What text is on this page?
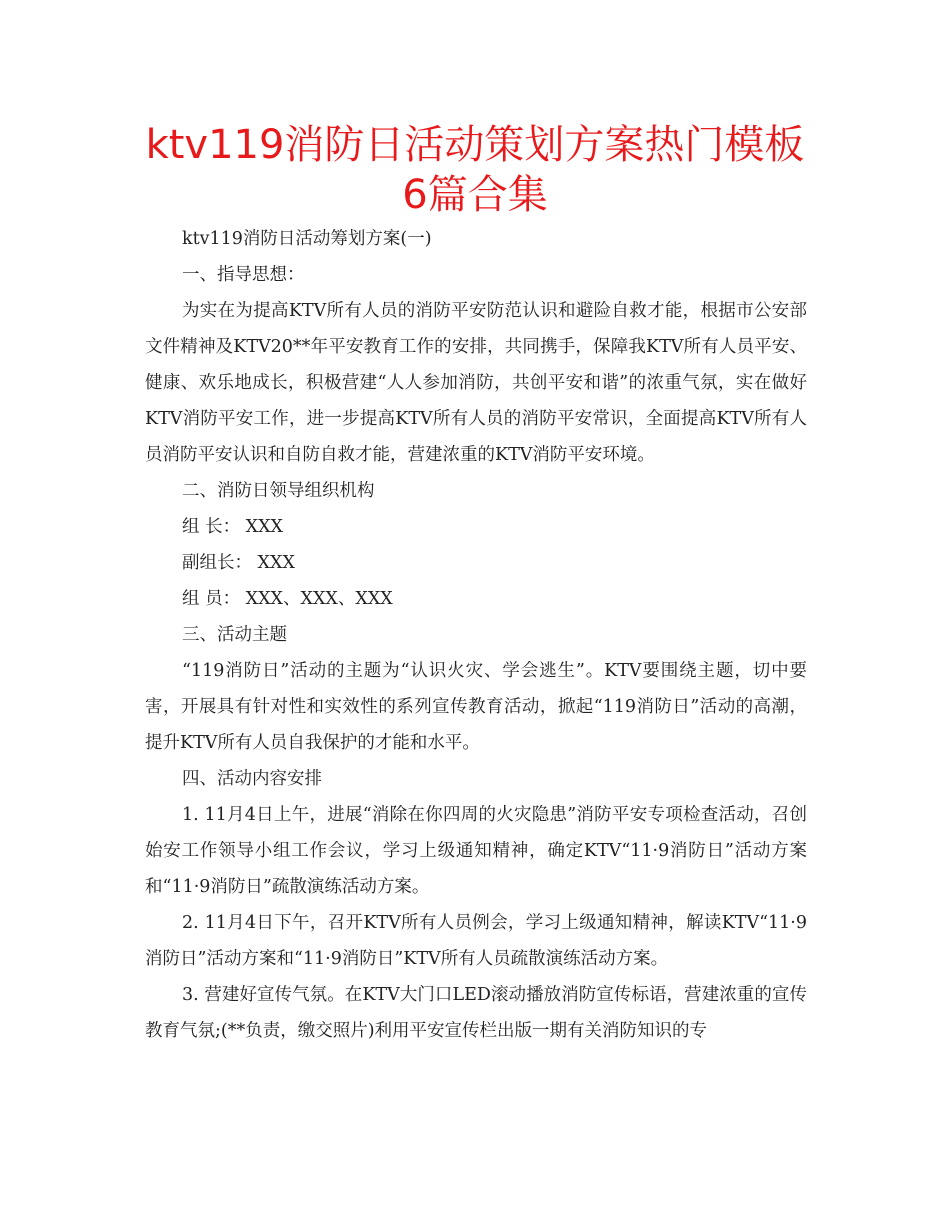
ktv119消防日活动策划方案热门模板6篇合集

ktv119消防日活动筹划方案(一)

一、指导思想：

为实在为提高KTV所有人员的消防平安防范认识和避险自救才能，根据市公安部文件精神及KTV20**年平安教育工作的安排，共同携手，保障我KTV所有人员平安、健康、欢乐地成长，积极营建“人人参加消防，共创平安和谐”的浓重气氛，实在做好KTV消防平安工作，进一步提高KTV所有人员的消防平安常识，全面提高KTV所有人员消防平安认识和自防自救才能，营建浓重的KTV消防平安环境。

二、消防日领导组织机构

组 长： XXX

副组长： XXX

组 员： XXX、XXX、XXX

三、活动主题

“119消防日”活动的主题为“认识火灾、学会逃生”。KTV要围绕主题，切中要害，开展具有针对性和实效性的系列宣传教育活动，掀起“119消防日”活动的高潮，提升KTV所有人员自我保护的才能和水平。

四、活动内容安排

1. 11月4日上午，进展“消除在你四周的火灾隐患”消防平安专项检查活动，召创始安工作领导小组工作会议，学习上级通知精神，确定KTV“11·9消防日”活动方案和“11·9消防日”疏散演练活动方案。

2. 11月4日下午，召开KTV所有人员例会，学习上级通知精神，解读KTV“11·9消防日”活动方案和“11·9消防日”KTV所有人员疏散演练活动方案。

3. 营建好宣传气氛。在KTV大门口LED滚动播放消防宣传标语，营建浓重的宣传教育气氛;(**负责，缴交照片)利用平安宣传栏出版一期有关消防知识的专
